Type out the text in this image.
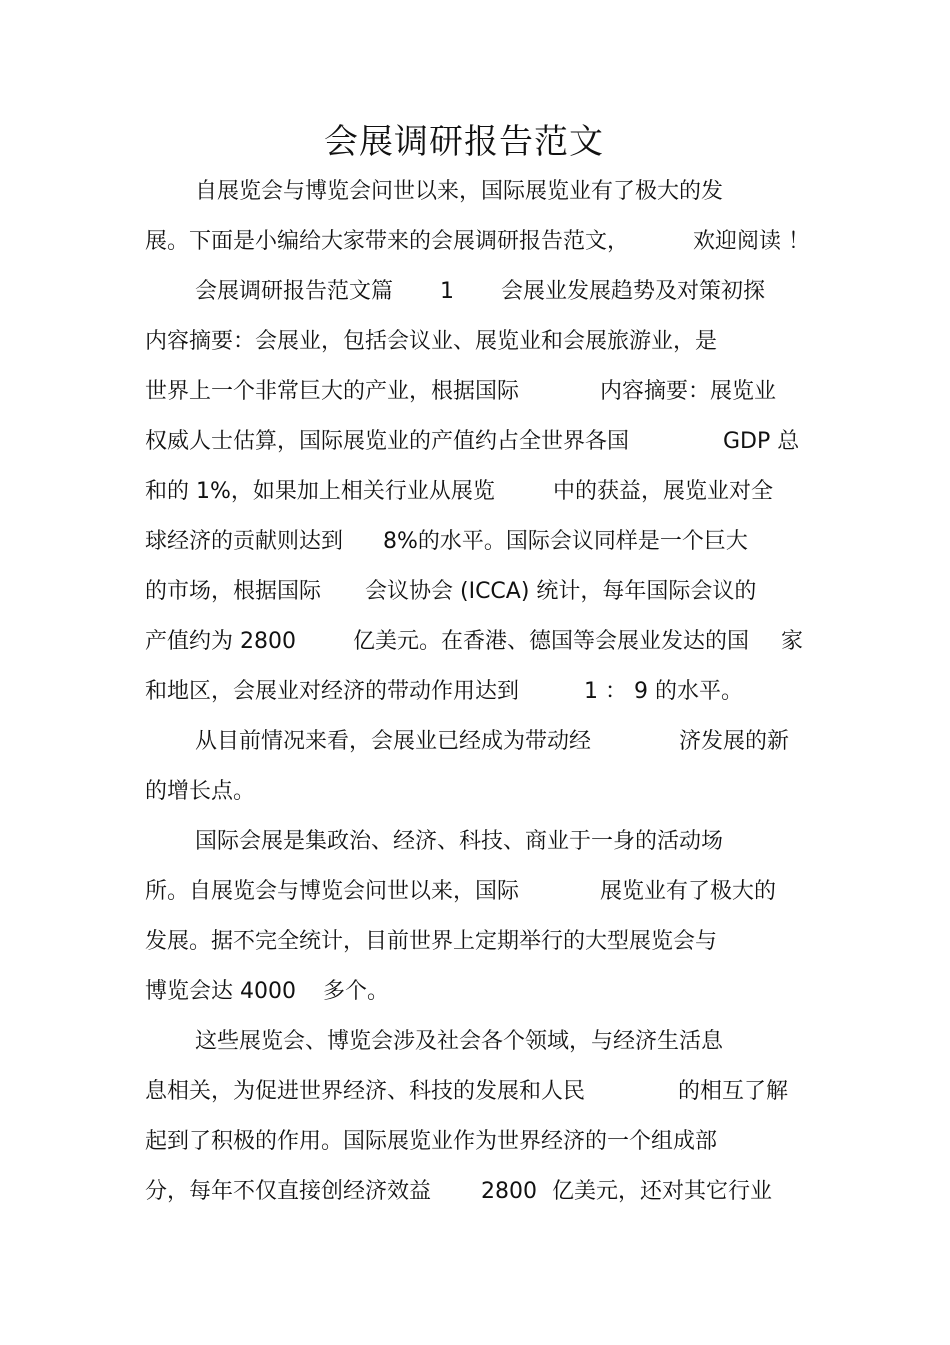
会展调研报告范文
自展览会与博览会问世以来，国际展览业有了极大的发
展。下面是小编给大家带来的会展调研报告范文，	欢迎阅读 ！
会展调研报告范文篇 1 会展业发展趋势及对策初探
内容摘要：会展业，包括会议业、展览业和会展旅游业，是
世界上一个非常巨大的产业，根据国际	内容摘要：展览业
权威人士估算，国际展览业的产值约占全世界各国	GDP 总
和的 1%，如果加上相关行业从展览	中的获益，展览业对全
球经济的贡献则达到 8%的水平。国际会议同样是一个巨大
的市场，根据国际 会议协会 (ICCA) 统计，每年国际会议的
产值约为 2800	亿美元。在香港、德国等会展业发达的国 家
和地区，会展业对经济的带动作用达到	1 ： 9 的水平。
从目前情况来看，会展业已经成为带动经	济发展的新
的增长点。
国际会展是集政治、经济、科技、商业于一身的活动场
所。自展览会与博览会问世以来，国际	展览业有了极大的
发展。据不完全统计，目前世界上定期举行的大型展览会与
博览会达 4000 多个。
这些展览会、博览会涉及社会各个领域，与经济生活息
息相关，为促进世界经济、科技的发展和人民	的相互了解
起到了积极的作用。国际展览业作为世界经济的一个组成部
分，每年不仅直接创经济效益 2800 亿美元，还对其它行业
